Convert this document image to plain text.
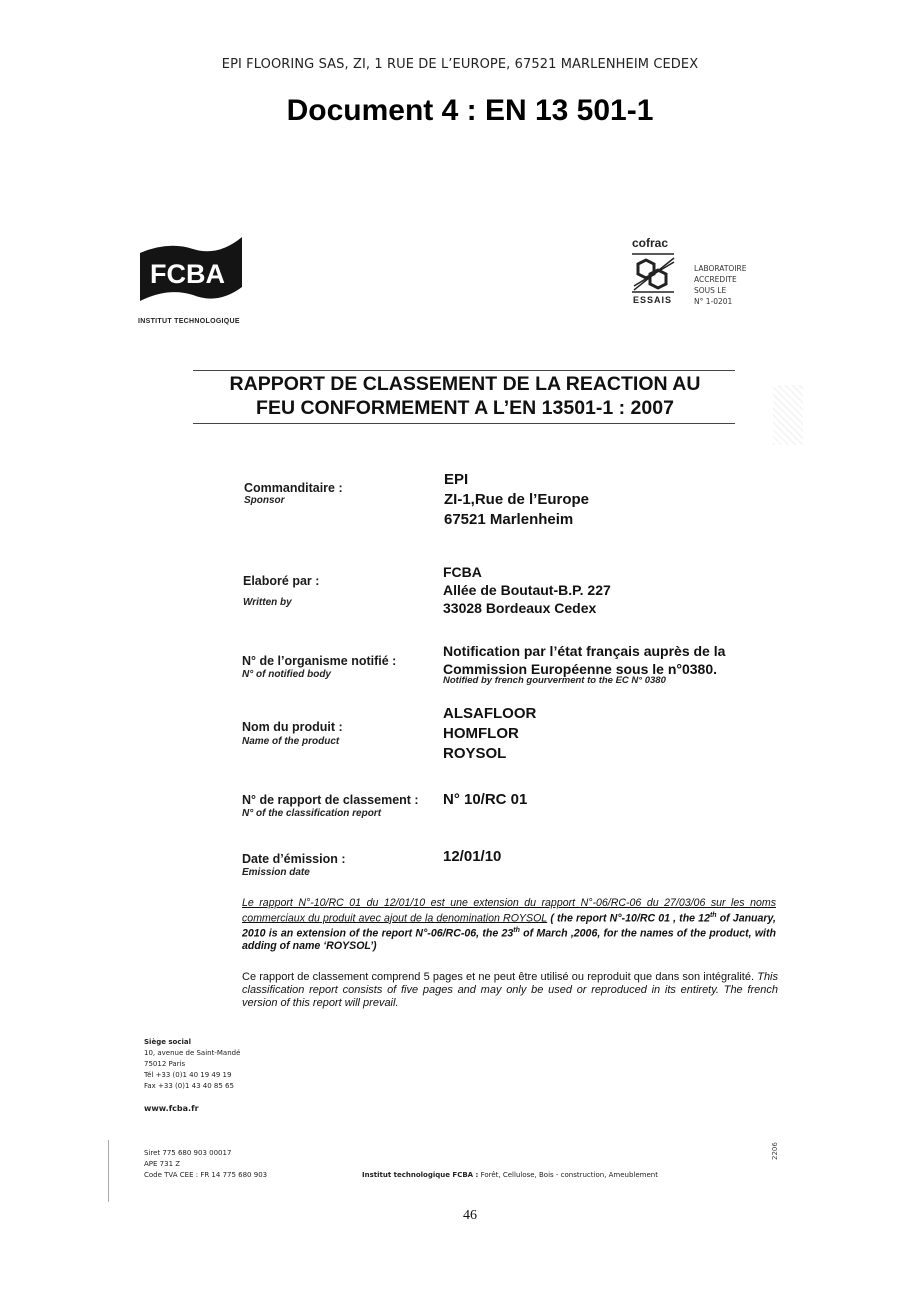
EPI FLOORING SAS, ZI, 1 RUE DE L’EUROPE, 67521 MARLENHEIM CEDEX
Document 4 : EN 13 501-1
FCBA
INSTITUT TECHNOLOGIQUE
cofrac
ESSAIS
LABORATOIRE
ACCREDITE
SOUS LE
N° 1-0201
RAPPORT DE CLASSEMENT DE LA REACTION AU
FEU CONFORMEMENT A L’EN 13501-1 : 2007
Commanditaire :
Sponsor
EPI
ZI-1,Rue de l’Europe
67521 Marlenheim
Elaboré par :
Written by
FCBA
Allée de Boutaut-B.P. 227
33028 Bordeaux Cedex
N° de l’organisme notifié :
N° of notified body
Notification par l’état français auprès de la
Commission Européenne sous le n°0380.
Notified by french gourverment to the EC N° 0380
Nom du produit :
Name of the product
ALSAFLOOR
HOMFLOR
ROYSOL
N° de rapport de classement :
N° of the classification report
N° 10/RC 01
Date d’émission :
Emission date
12/01/10
Le rapport N°-10/RC 01 du 12/01/10 est une extension du rapport N°-06/RC-06 du 27/03/06 sur les noms commerciaux du produit avec ajout de la denomination ROYSOL ( the report N°-10/RC 01 , the 12th of January, 2010 is an extension of the report N°-06/RC-06, the 23th of March ,2006, for the names of the product, with adding of name ‘ROYSOL’)
Ce rapport de classement comprend 5 pages et ne peut être utilisé ou reproduit que dans son intégralité. This classification report consists of five pages and may only be used or reproduced in its entirety. The french version of this report will prevail.
Siège social
10, avenue de Saint-Mandé
75012 Paris
Tél +33 (0)1 40 19 49 19
Fax +33 (0)1 43 40 85 65
www.fcba.fr
Siret 775 680 903 00017
APE 731 Z
Code TVA CEE : FR 14 775 680 903	Institut technologique FCBA : Forêt, Cellulose, Bois - construction, Ameublement
2206
46
